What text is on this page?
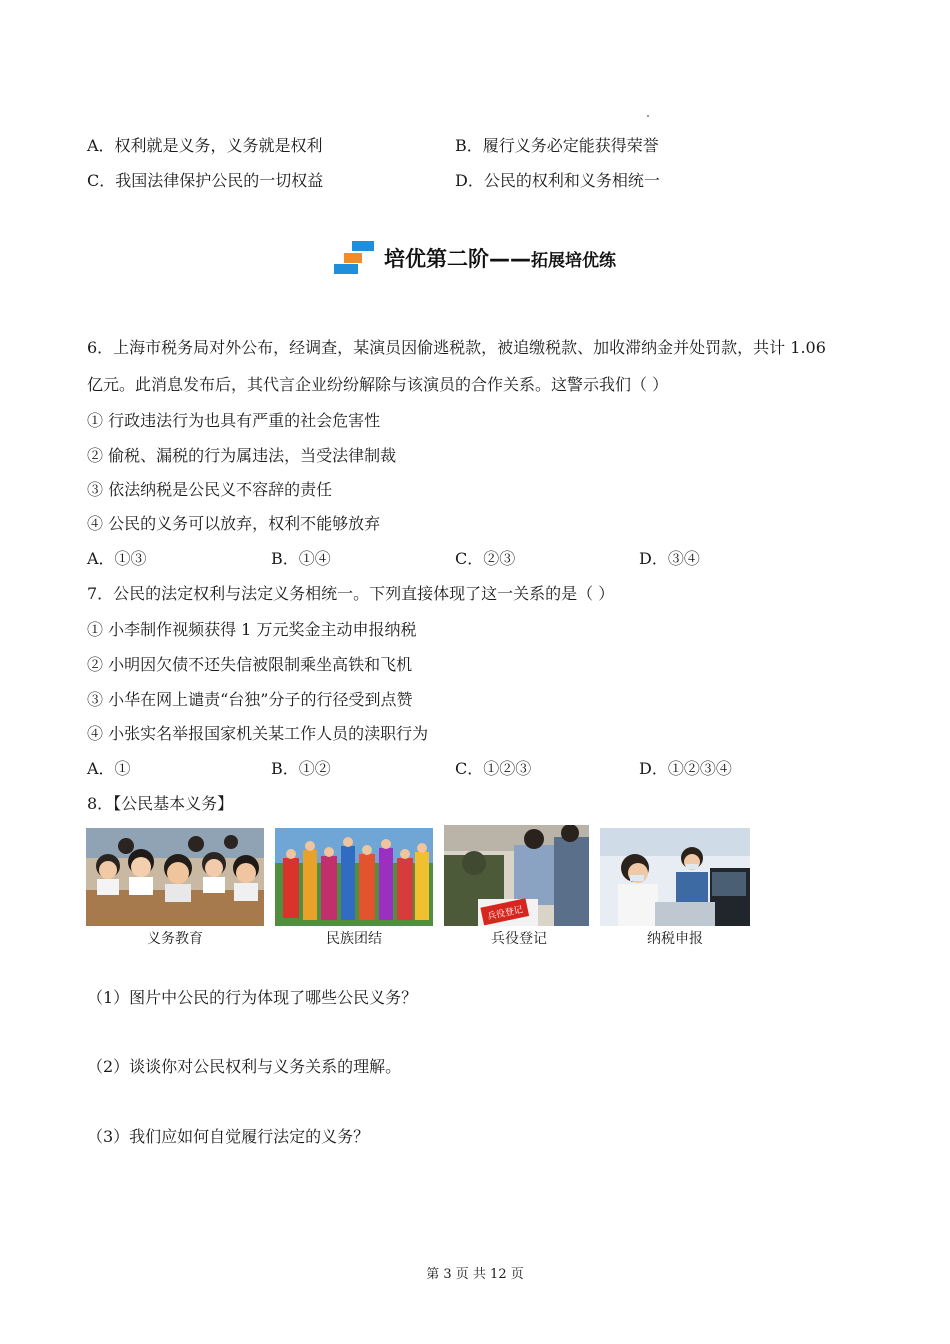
A．权利就是义务，义务就是权利	B．履行义务必定能获得荣誉
C．我国法律保护公民的一切权益	D．公民的权利和义务相统一
培优第二阶——拓展培优练
6．上海市税务局对外公布，经调查，某演员因偷逃税款，被追缴税款、加收滞纳金并处罚款，共计 1.06
亿元。此消息发布后，其代言企业纷纷解除与该演员的合作关系。这警示我们（ ）
① 行政违法行为也具有严重的社会危害性
② 偷税、漏税的行为属违法，当受法律制裁
③ 依法纳税是公民义不容辞的责任
④ 公民的义务可以放弃，权利不能够放弃
A．①③	B．①④	C．②③	D．③④
7．公民的法定权利与法定义务相统一。下列直接体现了这一关系的是（ ）
① 小李制作视频获得 1 万元奖金主动申报纳税
② 小明因欠债不还失信被限制乘坐高铁和飞机
③ 小华在网上谴责“台独”分子的行径受到点赞
④ 小张实名举报国家机关某工作人员的渎职行为
A．①	B．①②	C．①②③	D．①②③④
8．【公民基本义务】
兵役登记
义务教育	民族团结	兵役登记	纳税申报
（1）图片中公民的行为体现了哪些公民义务？
（2）谈谈你对公民权利与义务关系的理解。
（3）我们应如何自觉履行法定的义务？
第 3 页 共 12 页
